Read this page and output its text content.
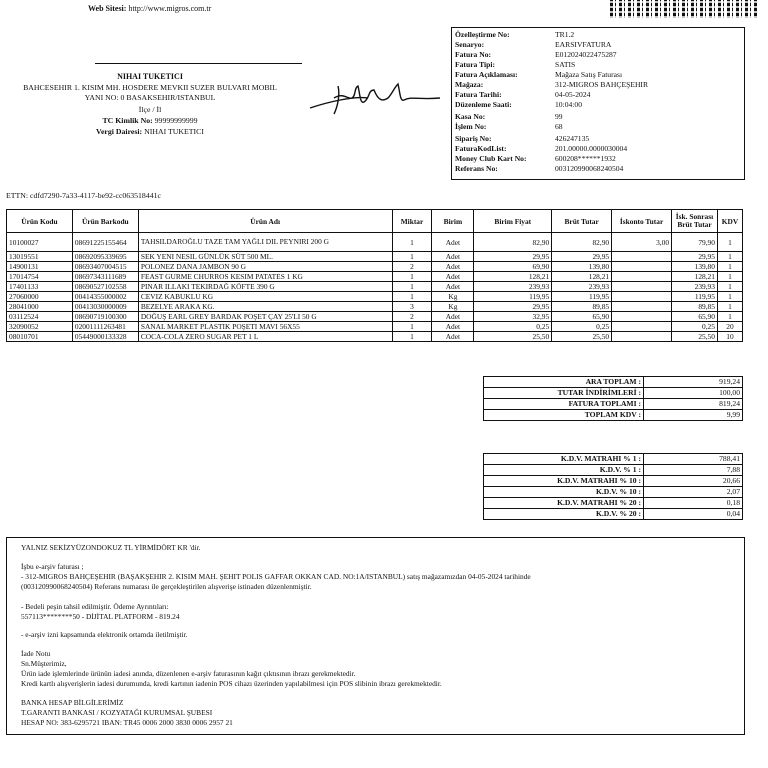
Web Sitesi: http://www.migros.com.tr
Özelleştirme No:	TR1.2
Senaryo:	EARSIVFATURA
Fatura No:	E012024022475287
Fatura Tipi:	SATIS
Fatura Açıklaması:	Mağaza Satış Faturası
Mağaza:	312-MIGROS BAHÇEŞEHIR
Fatura Tarihi:	04-05-2024
Düzenleme Saati:	10:04:00
Kasa No:	99
İşlem No:	68
Sipariş No:	426247135
FaturaKodList:	201.00000.0000030004
Money Club Kart No:	600208******1932
Referans No:	003120990068240504
NIHAI TUKETICI
BAHCESEHIR 1. KISIM MH. HOSDERE MEVKII SUZER BULVARI MOBIL
YANI NO: 0 BASAKSEHIR/ISTANBUL
İlçe / İl
TC Kimlik No: 99999999999
Vergi Dairesi: NIHAI TUKETICI
ETTN: cdfd7290-7a33-4117-be92-cc063518441c
Ürün Kodu	Ürün Barkodu	Ürün Adı	Miktar	Birim	Birim Fiyat	Brüt Tutar	İskonto Tutar	İsk. Sonrası Brüt Tutar	KDV
10100027	08691225155464	TAHSILDAROĞLU TAZE TAM YAĞLI DIL PEYNIRI 200 G	1	Adet	82,90	82,90	3,00	79,90	1
13019551	08692095339695	SEK YENI NESIL GÜNLÜK SÜT 500 ML.	1	Adet	29,95	29,95		29,95	1
14900131	08693407004515	POLONEZ DANA JAMBON 90 G	2	Adet	69,90	139,80		139,80	1
17014754	08697343111689	FEAST GURME CHURROS KESIM PATATES 1 KG	1	Adet	128,21	128,21		128,21	1
17401133	08690527102558	PINAR ILLAKI TEKIRDAĞ KÖFTE 390 G	1	Adet	239,93	239,93		239,93	1
27060000	00414355000002	CEVIZ KABUKLU KG	1	Kg	119,95	119,95		119,95	1
28041000	00413030000009	BEZELYE ARAKA KG.	3	Kg	29,95	89,85		89,85	1
03112524	08690719100300	DOĞUŞ EARL GREY BARDAK POŞET ÇAY 25'LI 50 G	2	Adet	32,95	65,90		65,90	1
32090052	02001111263481	SANAL MARKET PLASTIK POŞETI MAVI 56X55	1	Adet	0,25	0,25		0,25	20
08010701	05449000133328	COCA-COLA ZERO SUGAR PET 1 L	1	Adet	25,50	25,50		25,50	10
ARA TOPLAM :	919,24
TUTAR İNDİRİMLERİ :	100,00
FATURA TOPLAMI :	819,24
TOPLAM KDV :	9,99
K.D.V. MATRAHI % 1 :	788,41
K.D.V. % 1 :	7,88
K.D.V. MATRAHI % 10 :	20,66
K.D.V. % 10 :	2,07
K.D.V. MATRAHI % 20 :	0,18
K.D.V. % 20 :	0,04
YALNIZ SEKİZYÜZONDOKUZ TL YİRMİDÖRT KR 'dir.
İşbu e-arşiv faturası ;
- 312-MIGROS BAHÇEŞEHIR (BAŞAKŞEHIR 2. KISIM MAH. ŞEHIT POLIS GAFFAR OKKAN CAD. NO:1A/ISTANBUL) satış mağazamızdan 04-05-2024 tarihinde
(003120990068240504) Referans numarası ile gerçekleştirilen alışverişe istinaden düzenlenmiştir.
- Bedeli peşin tahsil edilmiştir. Ödeme Ayrıntıları:
557113********50 - DİJİTAL PLATFORM - 819.24
- e-arşiv izni kapsamında elektronik ortamda iletilmiştir.
İade Notu
Sn.Müşterimiz,
Ürün iade işlemlerinde ürünün iadesi anında, düzenlenen e-arşiv faturasının kağıt çıktısının ibrazı gerekmektedir.
Kredi kartlı alışverişlerin iadesi durumunda, kredi kartının iadenin POS cihazı üzerinden yapılabilmesi için POS slibinin ibrazı gerekmektedir.
BANKA HESAP BİLGİLERİMİZ
T.GARANTI BANKASI / KOZYATAĞI KURUMSAL ŞUBESI
HESAP NO: 383-6295721 IBAN: TR45 0006 2000 3830 0006 2957 21
